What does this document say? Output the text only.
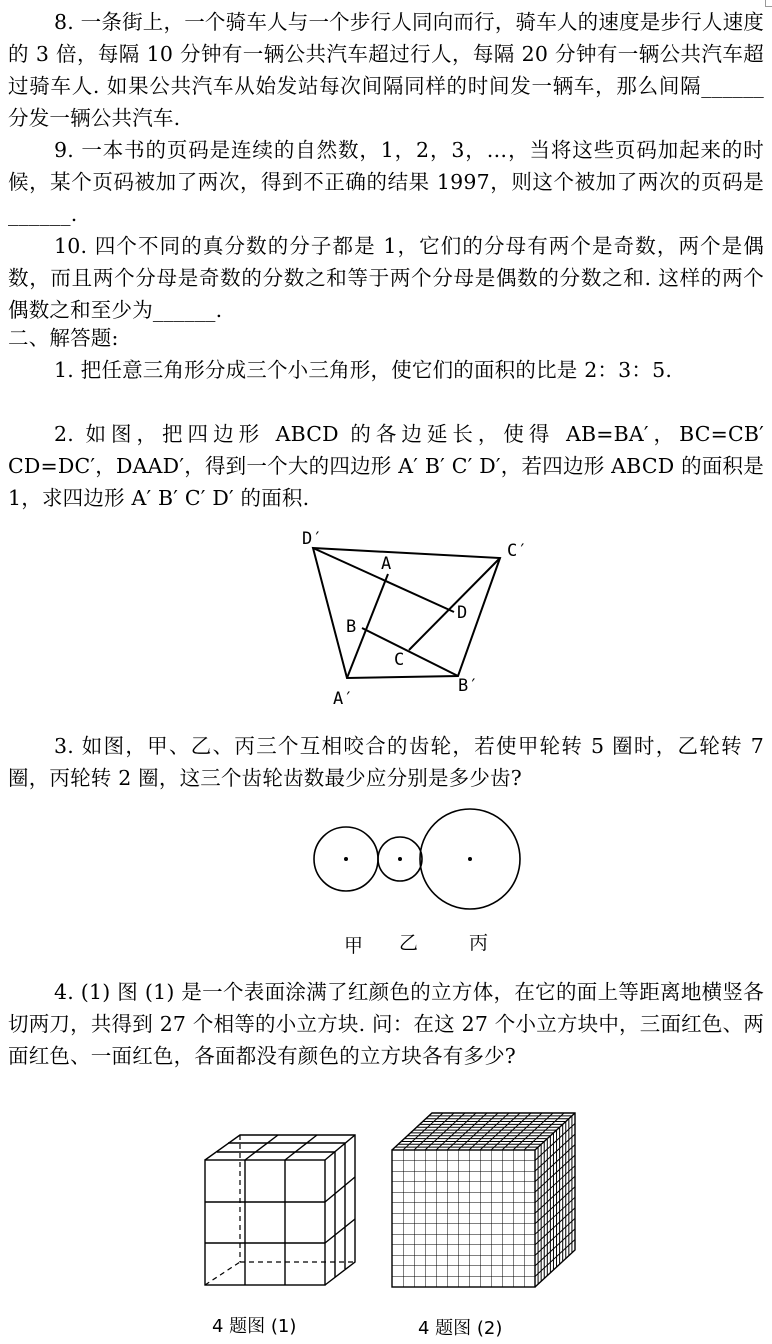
8. 一条街上，一个骑车人与一个步行人同向而行，骑车人的速度是步行人速度的 3 倍，每隔 10 分钟有一辆公共汽车超过行人，每隔 20 分钟有一辆公共汽车超过骑车人. 如果公共汽车从始发站每次间隔同样的时间发一辆车，那么间隔______分发一辆公共汽车.
9. 一本书的页码是连续的自然数，1，2，3，…，当将这些页码加起来的时候，某个页码被加了两次，得到不正确的结果 1997，则这个被加了两次的页码是______.
10. 四个不同的真分数的分子都是 1，它们的分母有两个是奇数，两个是偶数，而且两个分母是奇数的分数之和等于两个分母是偶数的分数之和. 这样的两个偶数之和至少为______.
二、解答题:
1. 把任意三角形分成三个小三角形，使它们的面积的比是 2：3：5.
2. 如图，把四边形 ABCD 的各边延长，使得 AB=BA′，BC=CB′ CD=DC′，DAAD′，得到一个大的四边形 A′ B′ C′ D′，若四边形 ABCD 的面积是 1，求四边形 A′ B′ C′ D′ 的面积.
D′
C′
A
D
B
C
B′
A′
3. 如图，甲、乙、丙三个互相咬合的齿轮，若使甲轮转 5 圈时，乙轮转 7 圈，丙轮转 2 圈，这三个齿轮齿数最少应分别是多少齿?
甲 乙	丙
4. (1) 图 (1) 是一个表面涂满了红颜色的立方体，在它的面上等距离地横竖各切两刀，共得到 27 个相等的小立方块. 问：在这 27 个小立方块中，三面红色、两面红色、一面红色，各面都没有颜色的立方块各有多少?
4 题图 (1)	4 题图 (2)
